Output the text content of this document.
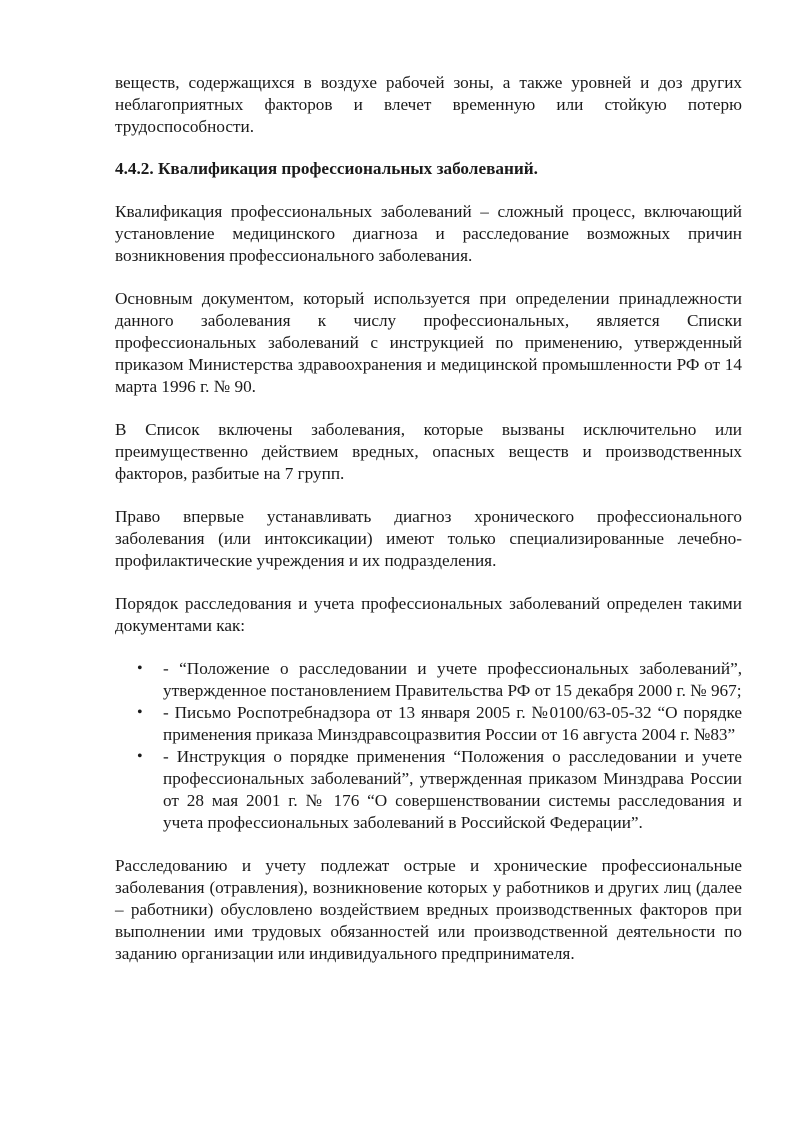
веществ, содержащихся в воздухе рабочей зоны, а также уровней и доз других неблагоприятных факторов и влечет временную или стойкую потерю трудоспособности.

4.4.2. Квалификация профессиональных заболеваний.

Квалификация профессиональных заболеваний – сложный процесс, включающий установление медицинского диагноза и расследование возможных причин возникновения профессионального заболевания.

Основным документом, который используется при определении принадлежности данного заболевания к числу профессиональных, является Списки профессиональных заболеваний с инструкцией по применению, утвержденный приказом Министерства здравоохранения и медицинской промышленности РФ от 14 марта 1996 г. № 90.

В Список включены заболевания, которые вызваны исключительно или преимущественно действием вредных, опасных веществ и производственных факторов, разбитые на 7 групп.

Право впервые устанавливать диагноз хронического профессионального заболевания (или интоксикации) имеют только специализированные лечебно-профилактические учреждения и их подразделения.

Порядок расследования и учета профессиональных заболеваний определен такими документами как:

• - “Положение о расследовании и учете профессиональных заболеваний”, утвержденное постановлением Правительства РФ от 15 декабря 2000 г. № 967;
• - Письмо Роспотребнадзора от 13 января 2005 г. №0100/63-05-32 “О порядке применения приказа Минздравсоцразвития России от 16 августа 2004 г. №83”
• - Инструкция о порядке применения “Положения о расследовании и учете профессиональных заболеваний”, утвержденная приказом Минздрава России от 28 мая 2001 г. № 176 “О совершенствовании системы расследования и учета профессиональных заболеваний в Российской Федерации”.

Расследованию и учету подлежат острые и хронические профессиональные заболевания (отравления), возникновение которых у работников и других лиц (далее – работники) обусловлено воздействием вредных производственных факторов при выполнении ими трудовых обязанностей или производственной деятельности по заданию организации или индивидуального предпринимателя.
